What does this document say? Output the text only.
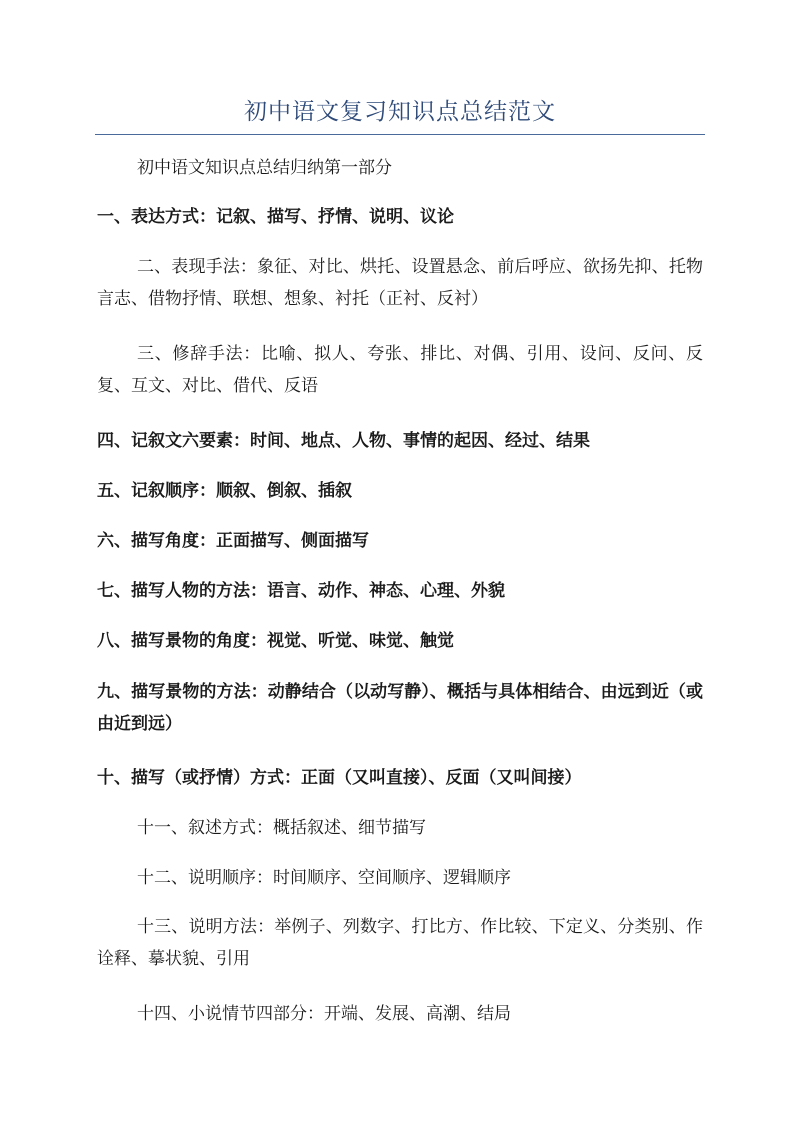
初中语文复习知识点总结范文

初中语文知识点总结归纳第一部分

一、表达方式：记叙、描写、抒情、说明、议论

二、表现手法：象征、对比、烘托、设置悬念、前后呼应、欲扬先抑、托物言志、借物抒情、联想、想象、衬托（正衬、反衬）

三、修辞手法：比喻、拟人、夸张、排比、对偶、引用、设问、反问、反复、互文、对比、借代、反语

四、记叙文六要素：时间、地点、人物、事情的起因、经过、结果

五、记叙顺序：顺叙、倒叙、插叙

六、描写角度：正面描写、侧面描写

七、描写人物的方法：语言、动作、神态、心理、外貌

八、描写景物的角度：视觉、听觉、味觉、触觉

九、描写景物的方法：动静结合（以动写静）、概括与具体相结合、由远到近（或由近到远）

十、描写（或抒情）方式：正面（又叫直接）、反面（又叫间接）

十一、叙述方式：概括叙述、细节描写

十二、说明顺序：时间顺序、空间顺序、逻辑顺序

十三、说明方法：举例子、列数字、打比方、作比较、下定义、分类别、作诠释、摹状貌、引用

十四、小说情节四部分：开端、发展、高潮、结局
